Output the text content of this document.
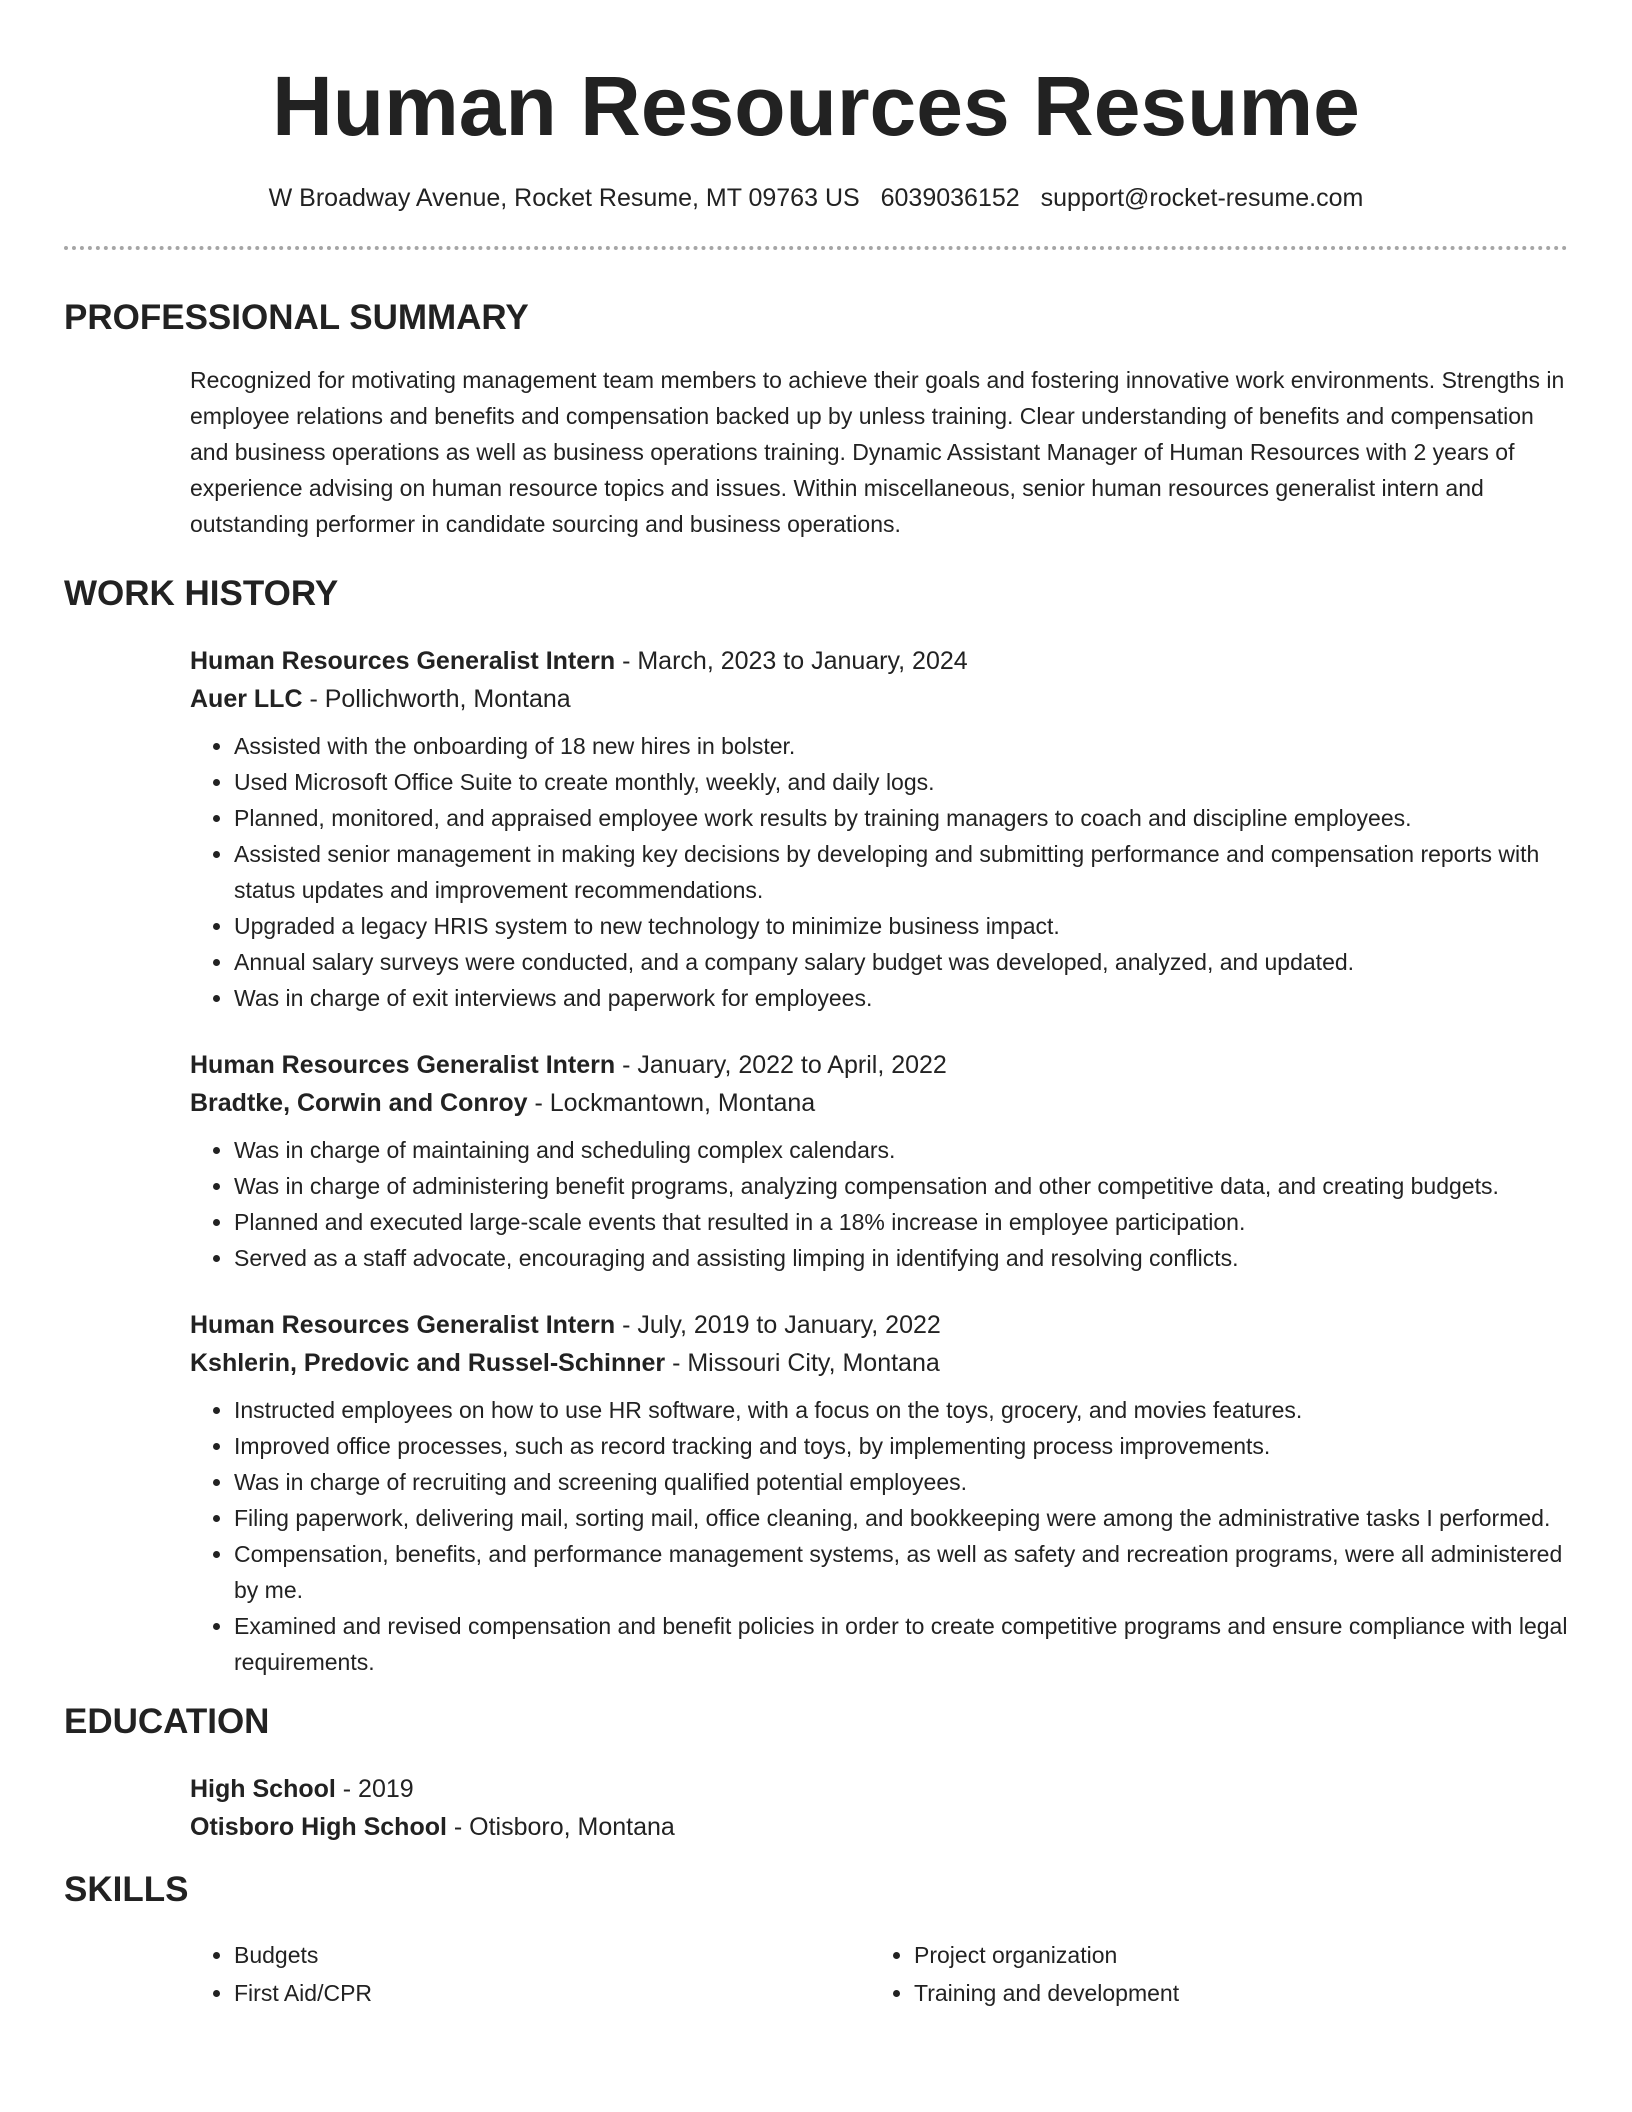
Human Resources Resume
W Broadway Avenue, Rocket Resume, MT 09763 US 6039036152 support@rocket-resume.com
PROFESSIONAL SUMMARY
Recognized for motivating management team members to achieve their goals and fostering innovative work environments. Strengths in employee relations and benefits and compensation backed up by unless training. Clear understanding of benefits and compensation and business operations as well as business operations training. Dynamic Assistant Manager of Human Resources with 2 years of experience advising on human resource topics and issues. Within miscellaneous, senior human resources generalist intern and outstanding performer in candidate sourcing and business operations.
WORK HISTORY
Human Resources Generalist Intern - March, 2023 to January, 2024
Auer LLC - Pollichworth, Montana
• Assisted with the onboarding of 18 new hires in bolster.
• Used Microsoft Office Suite to create monthly, weekly, and daily logs.
• Planned, monitored, and appraised employee work results by training managers to coach and discipline employees.
• Assisted senior management in making key decisions by developing and submitting performance and compensation reports with status updates and improvement recommendations.
• Upgraded a legacy HRIS system to new technology to minimize business impact.
• Annual salary surveys were conducted, and a company salary budget was developed, analyzed, and updated.
• Was in charge of exit interviews and paperwork for employees.
Human Resources Generalist Intern - January, 2022 to April, 2022
Bradtke, Corwin and Conroy - Lockmantown, Montana
• Was in charge of maintaining and scheduling complex calendars.
• Was in charge of administering benefit programs, analyzing compensation and other competitive data, and creating budgets.
• Planned and executed large-scale events that resulted in a 18% increase in employee participation.
• Served as a staff advocate, encouraging and assisting limping in identifying and resolving conflicts.
Human Resources Generalist Intern - July, 2019 to January, 2022
Kshlerin, Predovic and Russel-Schinner - Missouri City, Montana
• Instructed employees on how to use HR software, with a focus on the toys, grocery, and movies features.
• Improved office processes, such as record tracking and toys, by implementing process improvements.
• Was in charge of recruiting and screening qualified potential employees.
• Filing paperwork, delivering mail, sorting mail, office cleaning, and bookkeeping were among the administrative tasks I performed.
• Compensation, benefits, and performance management systems, as well as safety and recreation programs, were all administered by me.
• Examined and revised compensation and benefit policies in order to create competitive programs and ensure compliance with legal requirements.
EDUCATION
High School - 2019
Otisboro High School - Otisboro, Montana
SKILLS
• Budgets
• First Aid/CPR
• Project organization
• Training and development
